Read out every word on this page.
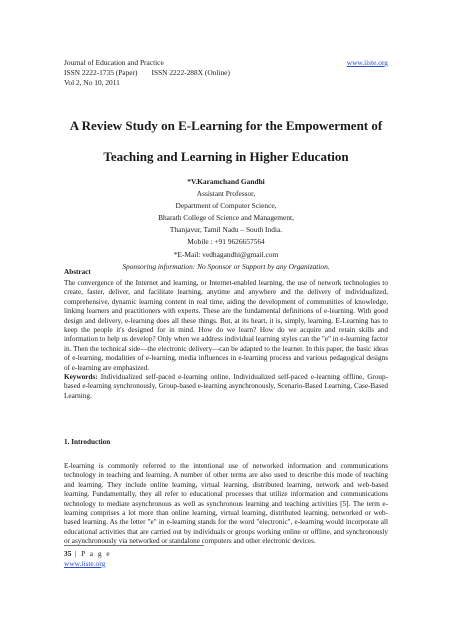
Journal of Education and Practice	www.iiste.org
ISSN 2222-1735 (Paper) ISSN 2222-288X (Online)
Vol 2, No 10, 2011
A Review Study on E-Learning for the Empowerment of
Teaching and Learning in Higher Education
*V.Karamchand Gandhi
Assistant Professor,
Department of Computer Science,
Bharath College of Science and Management,
Thanjavur, Tamil Nadu – South India.
Mobile : +91 9626657564
*E-Mail: vedhagandhi@gmail.com
Sponsoring information: No Sponsor or Support by any Organization.
Abstract
The convergence of the Internet and learning, or Internet-enabled learning, the use of network technologies to create, faster, deliver, and facilitate learning, anytime and anywhere and the delivery of individualized, comprehensive, dynamic learning content in real time, aiding the development of communities of knowledge, linking learners and practitioners with experts. These are the fundamental definitions of e-learning. With good design and delivery, e-learning does all these things. But, at its heart, it is, simply, learning. E-Learning has to keep the people it's designed for in mind. How do we learn? How do we acquire and retain skills and information to help us develop? Only when we address individual learning styles can the "e" in e-learning factor in. Then the technical side—the electronic delivery—can be adapted to the learner. In this paper, the basic ideas of e-learning, modalities of e-learning, media influences in e-learning process and various pedagogical designs of e-learning are emphasized.
Keywords: Individualized self-paced e-learning online, Individualized self-paced e-learning offline, Group-based e-learning synchronously, Group-based e-learning asynchronously, Scenario-Based Learning, Case-Based Learning.
1. Introduction
E-learning is commonly referred to the intentional use of networked information and communications technology in teaching and learning. A number of other terms are also used to describe this mode of teaching and learning. They include online learning, virtual learning, distributed learning, network and web-based learning. Fundamentally, they all refer to educational processes that utilize information and communications technology to mediate asynchronous as well as synchronous learning and teaching activities [5]. The term e-learning comprises a lot more than online learning, virtual learning, distributed learning, networked or web-based learning. As the letter "e" in e-learning stands for the word "electronic", e-learning would incorporate all educational activities that are carried out by individuals or groups working online or offline, and synchronously or asynchronously via networked or standalone computers and other electronic devices.
35 | P a g e
www.iiste.org
